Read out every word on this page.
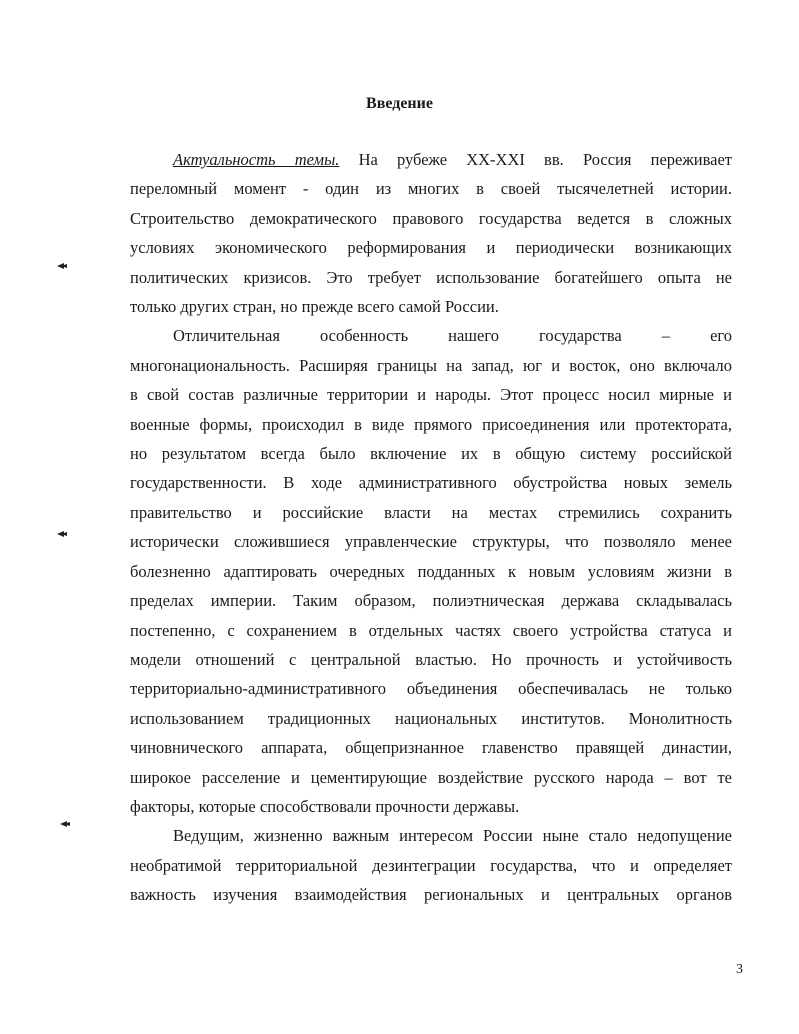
Введение

Актуальность темы. На рубеже XX-XXI вв. Россия переживает
переломный момент - один из многих в своей тысячелетней истории.
Строительство демократического правового государства ведется в сложных
условиях экономического реформирования и периодически возникающих
политических кризисов. Это требует использование богатейшего опыта не
только других стран, но прежде всего самой России.

Отличительная особенность нашего государства – его
многонациональность. Расширяя границы на запад, юг и восток, оно включало
в свой состав различные территории и народы. Этот процесс носил мирные и
военные формы, происходил в виде прямого присоединения или протектората,
но результатом всегда было включение их в общую систему российской
государственности. В ходе административного обустройства новых земель
правительство и российские власти на местах стремились сохранить
исторически сложившиеся управленческие структуры, что позволяло менее
болезненно адаптировать очередных подданных к новым условиям жизни в
пределах империи. Таким образом, полиэтническая держава складывалась
постепенно, с сохранением в отдельных частях своего устройства статуса и
модели отношений с центральной властью. Но прочность и устойчивость
территориально-административного объединения обеспечивалась не только
использованием традиционных национальных институтов. Монолитность
чиновнического аппарата, общепризнанное главенство правящей династии,
широкое расселение и цементирующие воздействие русского народа – вот те
факторы, которые способствовали прочности державы.

Ведущим, жизненно важным интересом России ныне стало недопущение
необратимой территориальной дезинтеграции государства, что и определяет
важность изучения взаимодействия региональных и центральных органов

3
